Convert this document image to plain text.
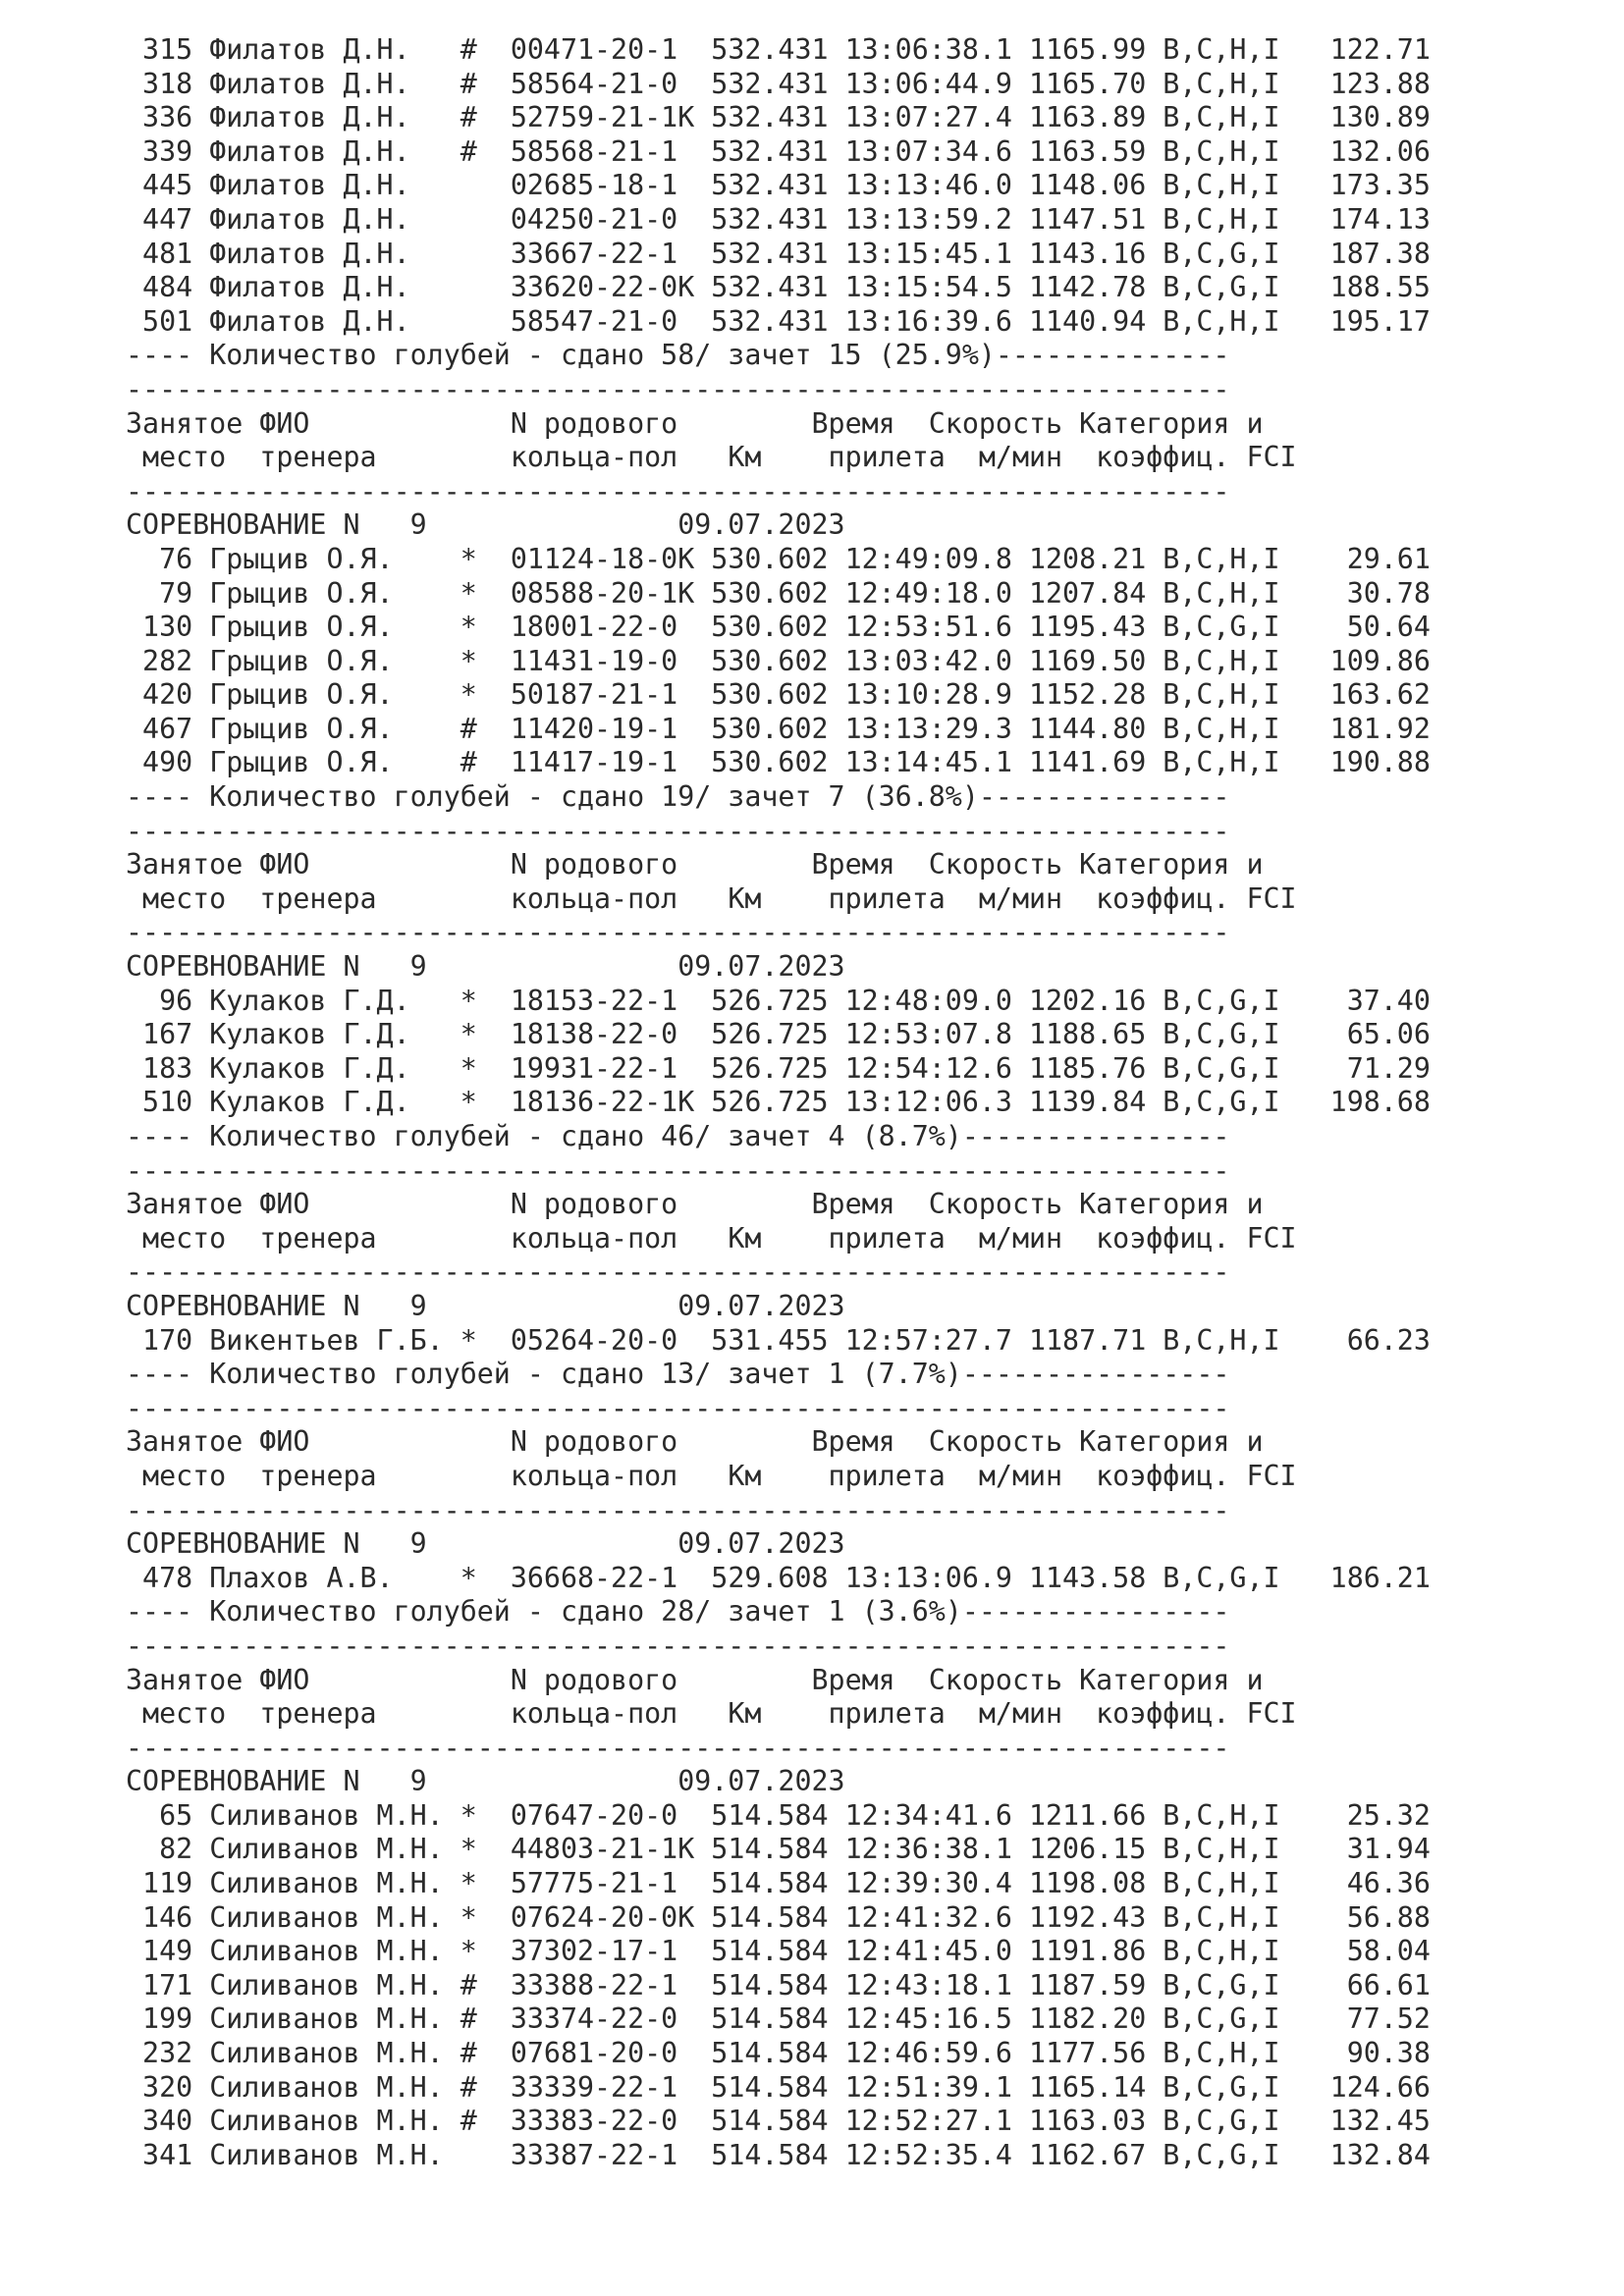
315 Филатов Д.Н.   #  00471-20-1  532.431 13:06:38.1 1165.99 B,C,H,I   122.71
318 Филатов Д.Н.   #  58564-21-0  532.431 13:06:44.9 1165.70 B,C,H,I   123.88
336 Филатов Д.Н.   #  52759-21-1K 532.431 13:07:27.4 1163.89 B,C,H,I   130.89
339 Филатов Д.Н.   #  58568-21-1  532.431 13:07:34.6 1163.59 B,C,H,I   132.06
445 Филатов Д.Н.      02685-18-1  532.431 13:13:46.0 1148.06 B,C,H,I   173.35
447 Филатов Д.Н.      04250-21-0  532.431 13:13:59.2 1147.51 B,C,H,I   174.13
481 Филатов Д.Н.      33667-22-1  532.431 13:15:45.1 1143.16 B,C,G,I   187.38
484 Филатов Д.Н.      33620-22-0K 532.431 13:15:54.5 1142.78 B,C,G,I   188.55
501 Филатов Д.Н.      58547-21-0  532.431 13:16:39.6 1140.94 B,C,H,I   195.17
---- Количество голубей - сдано 58/ зачет 15 (25.9%)--------------
------------------------------------------------------------------
Занятое ФИО            N родового        Время  Скорость Категория и
место  тренера        кольца-пол   Км    прилета  м/мин  коэффиц. FCI
------------------------------------------------------------------
СОРЕВНОВАНИЕ N   9               09.07.2023
76 Грыцив О.Я.    *  01124-18-0K 530.602 12:49:09.8 1208.21 B,C,H,I    29.61
79 Грыцив О.Я.    *  08588-20-1K 530.602 12:49:18.0 1207.84 B,C,H,I    30.78
130 Грыцив О.Я.    *  18001-22-0  530.602 12:53:51.6 1195.43 B,C,G,I    50.64
282 Грыцив О.Я.    *  11431-19-0  530.602 13:03:42.0 1169.50 B,C,H,I   109.86
420 Грыцив О.Я.    *  50187-21-1  530.602 13:10:28.9 1152.28 B,C,H,I   163.62
467 Грыцив О.Я.    #  11420-19-1  530.602 13:13:29.3 1144.80 B,C,H,I   181.92
490 Грыцив О.Я.    #  11417-19-1  530.602 13:14:45.1 1141.69 B,C,H,I   190.88
---- Количество голубей - сдано 19/ зачет 7 (36.8%)---------------
------------------------------------------------------------------
Занятое ФИО            N родового        Время  Скорость Категория и
место  тренера        кольца-пол   Км    прилета  м/мин  коэффиц. FCI
------------------------------------------------------------------
СОРЕВНОВАНИЕ N   9               09.07.2023
96 Кулаков Г.Д.   *  18153-22-1  526.725 12:48:09.0 1202.16 B,C,G,I    37.40
167 Кулаков Г.Д.   *  18138-22-0  526.725 12:53:07.8 1188.65 B,C,G,I    65.06
183 Кулаков Г.Д.   *  19931-22-1  526.725 12:54:12.6 1185.76 B,C,G,I    71.29
510 Кулаков Г.Д.   *  18136-22-1K 526.725 13:12:06.3 1139.84 B,C,G,I   198.68
---- Количество голубей - сдано 46/ зачет 4 (8.7%)----------------
------------------------------------------------------------------
Занятое ФИО            N родового        Время  Скорость Категория и
место  тренера        кольца-пол   Км    прилета  м/мин  коэффиц. FCI
------------------------------------------------------------------
СОРЕВНОВАНИЕ N   9               09.07.2023
170 Викентьев Г.Б. *  05264-20-0  531.455 12:57:27.7 1187.71 B,C,H,I    66.23
---- Количество голубей - сдано 13/ зачет 1 (7.7%)----------------
------------------------------------------------------------------
Занятое ФИО            N родового        Время  Скорость Категория и
место  тренера        кольца-пол   Км    прилета  м/мин  коэффиц. FCI
------------------------------------------------------------------
СОРЕВНОВАНИЕ N   9               09.07.2023
478 Плахов А.В.    *  36668-22-1  529.608 13:13:06.9 1143.58 B,C,G,I   186.21
---- Количество голубей - сдано 28/ зачет 1 (3.6%)----------------
------------------------------------------------------------------
Занятое ФИО            N родового        Время  Скорость Категория и
место  тренера        кольца-пол   Км    прилета  м/мин  коэффиц. FCI
------------------------------------------------------------------
СОРЕВНОВАНИЕ N   9               09.07.2023
65 Силиванов М.Н. *  07647-20-0  514.584 12:34:41.6 1211.66 B,C,H,I    25.32
82 Силиванов М.Н. *  44803-21-1K 514.584 12:36:38.1 1206.15 B,C,H,I    31.94
119 Силиванов М.Н. *  57775-21-1  514.584 12:39:30.4 1198.08 B,C,H,I    46.36
146 Силиванов М.Н. *  07624-20-0K 514.584 12:41:32.6 1192.43 B,C,H,I    56.88
149 Силиванов М.Н. *  37302-17-1  514.584 12:41:45.0 1191.86 B,C,H,I    58.04
171 Силиванов М.Н. #  33388-22-1  514.584 12:43:18.1 1187.59 B,C,G,I    66.61
199 Силиванов М.Н. #  33374-22-0  514.584 12:45:16.5 1182.20 B,C,G,I    77.52
232 Силиванов М.Н. #  07681-20-0  514.584 12:46:59.6 1177.56 B,C,H,I    90.38
320 Силиванов М.Н. #  33339-22-1  514.584 12:51:39.1 1165.14 B,C,G,I   124.66
340 Силиванов М.Н. #  33383-22-0  514.584 12:52:27.1 1163.03 B,C,G,I   132.45
341 Силиванов М.Н.    33387-22-1  514.584 12:52:35.4 1162.67 B,C,G,I   132.84
